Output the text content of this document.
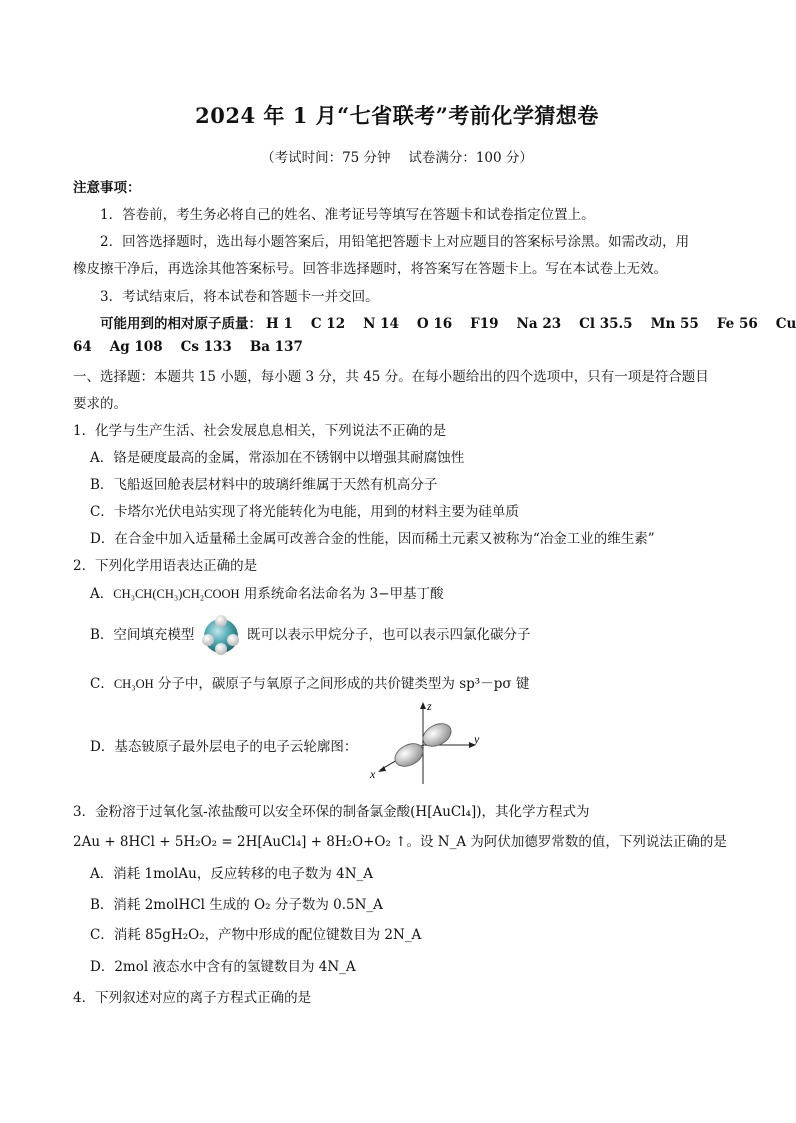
2024 年 1 月“七省联考”考前化学猜想卷
（考试时间：75 分钟　 试卷满分：100 分）
注意事项：
1．答卷前，考生务必将自己的姓名、准考证号等填写在答题卡和试卷指定位置上。
2．回答选择题时，选出每小题答案后，用铅笔把答题卡上对应题目的答案标号涂黑。如需改动，用
橡皮擦干净后，再选涂其他答案标号。回答非选择题时，将答案写在答题卡上。写在本试卷上无效。
3．考试结束后，将本试卷和答题卡一并交回。
可能用到的相对原子质量： H 1 C 12 N 14 O 16 F19 Na 23 Cl 35.5 Mn 55 Fe 56 Cu
64 Ag 108 Cs 133 Ba 137
一、选择题：本题共 15 小题，每小题 3 分，共 45 分。在每小题给出的四个选项中，只有一项是符合题目
要求的。
1．化学与生产生活、社会发展息息相关，下列说法不正确的是
A．铬是硬度最高的金属，常添加在不锈钢中以增强其耐腐蚀性
B．飞船返回舱表层材料中的玻璃纤维属于天然有机高分子
C．卡塔尔光伏电站实现了将光能转化为电能，用到的材料主要为硅单质
D．在合金中加入适量稀土金属可改善合金的性能，因而稀土元素又被称为“冶金工业的维生素”
2．下列化学用语表达正确的是
A．CH₃CH(CH₃)CH₂COOH 用系统命名法命名为 3−甲基丁酸
B．空间填充模型	既可以表示甲烷分子，也可以表示四氯化碳分子
C．CH₃OH 分子中，碳原子与氧原子之间形成的共价键类型为 sp³－pσ 键
D．基态铍原子最外层电子的电子云轮廓图：
z
y
x
3．金粉溶于过氧化氢-浓盐酸可以安全环保的制备氯金酸(H[AuCl₄])，其化学方程式为
2Au + 8HCl + 5H₂O₂ = 2H[AuCl₄] + 8H₂O+O₂ ↑。设 N_A 为阿伏加德罗常数的值，下列说法正确的是
A．消耗 1molAu，反应转移的电子数为 4N_A
B．消耗 2molHCl 生成的 O₂ 分子数为 0.5N_A
C．消耗 85gH₂O₂，产物中形成的配位键数目为 2N_A
D．2mol 液态水中含有的氢键数目为 4N_A
4．下列叙述对应的离子方程式正确的是
